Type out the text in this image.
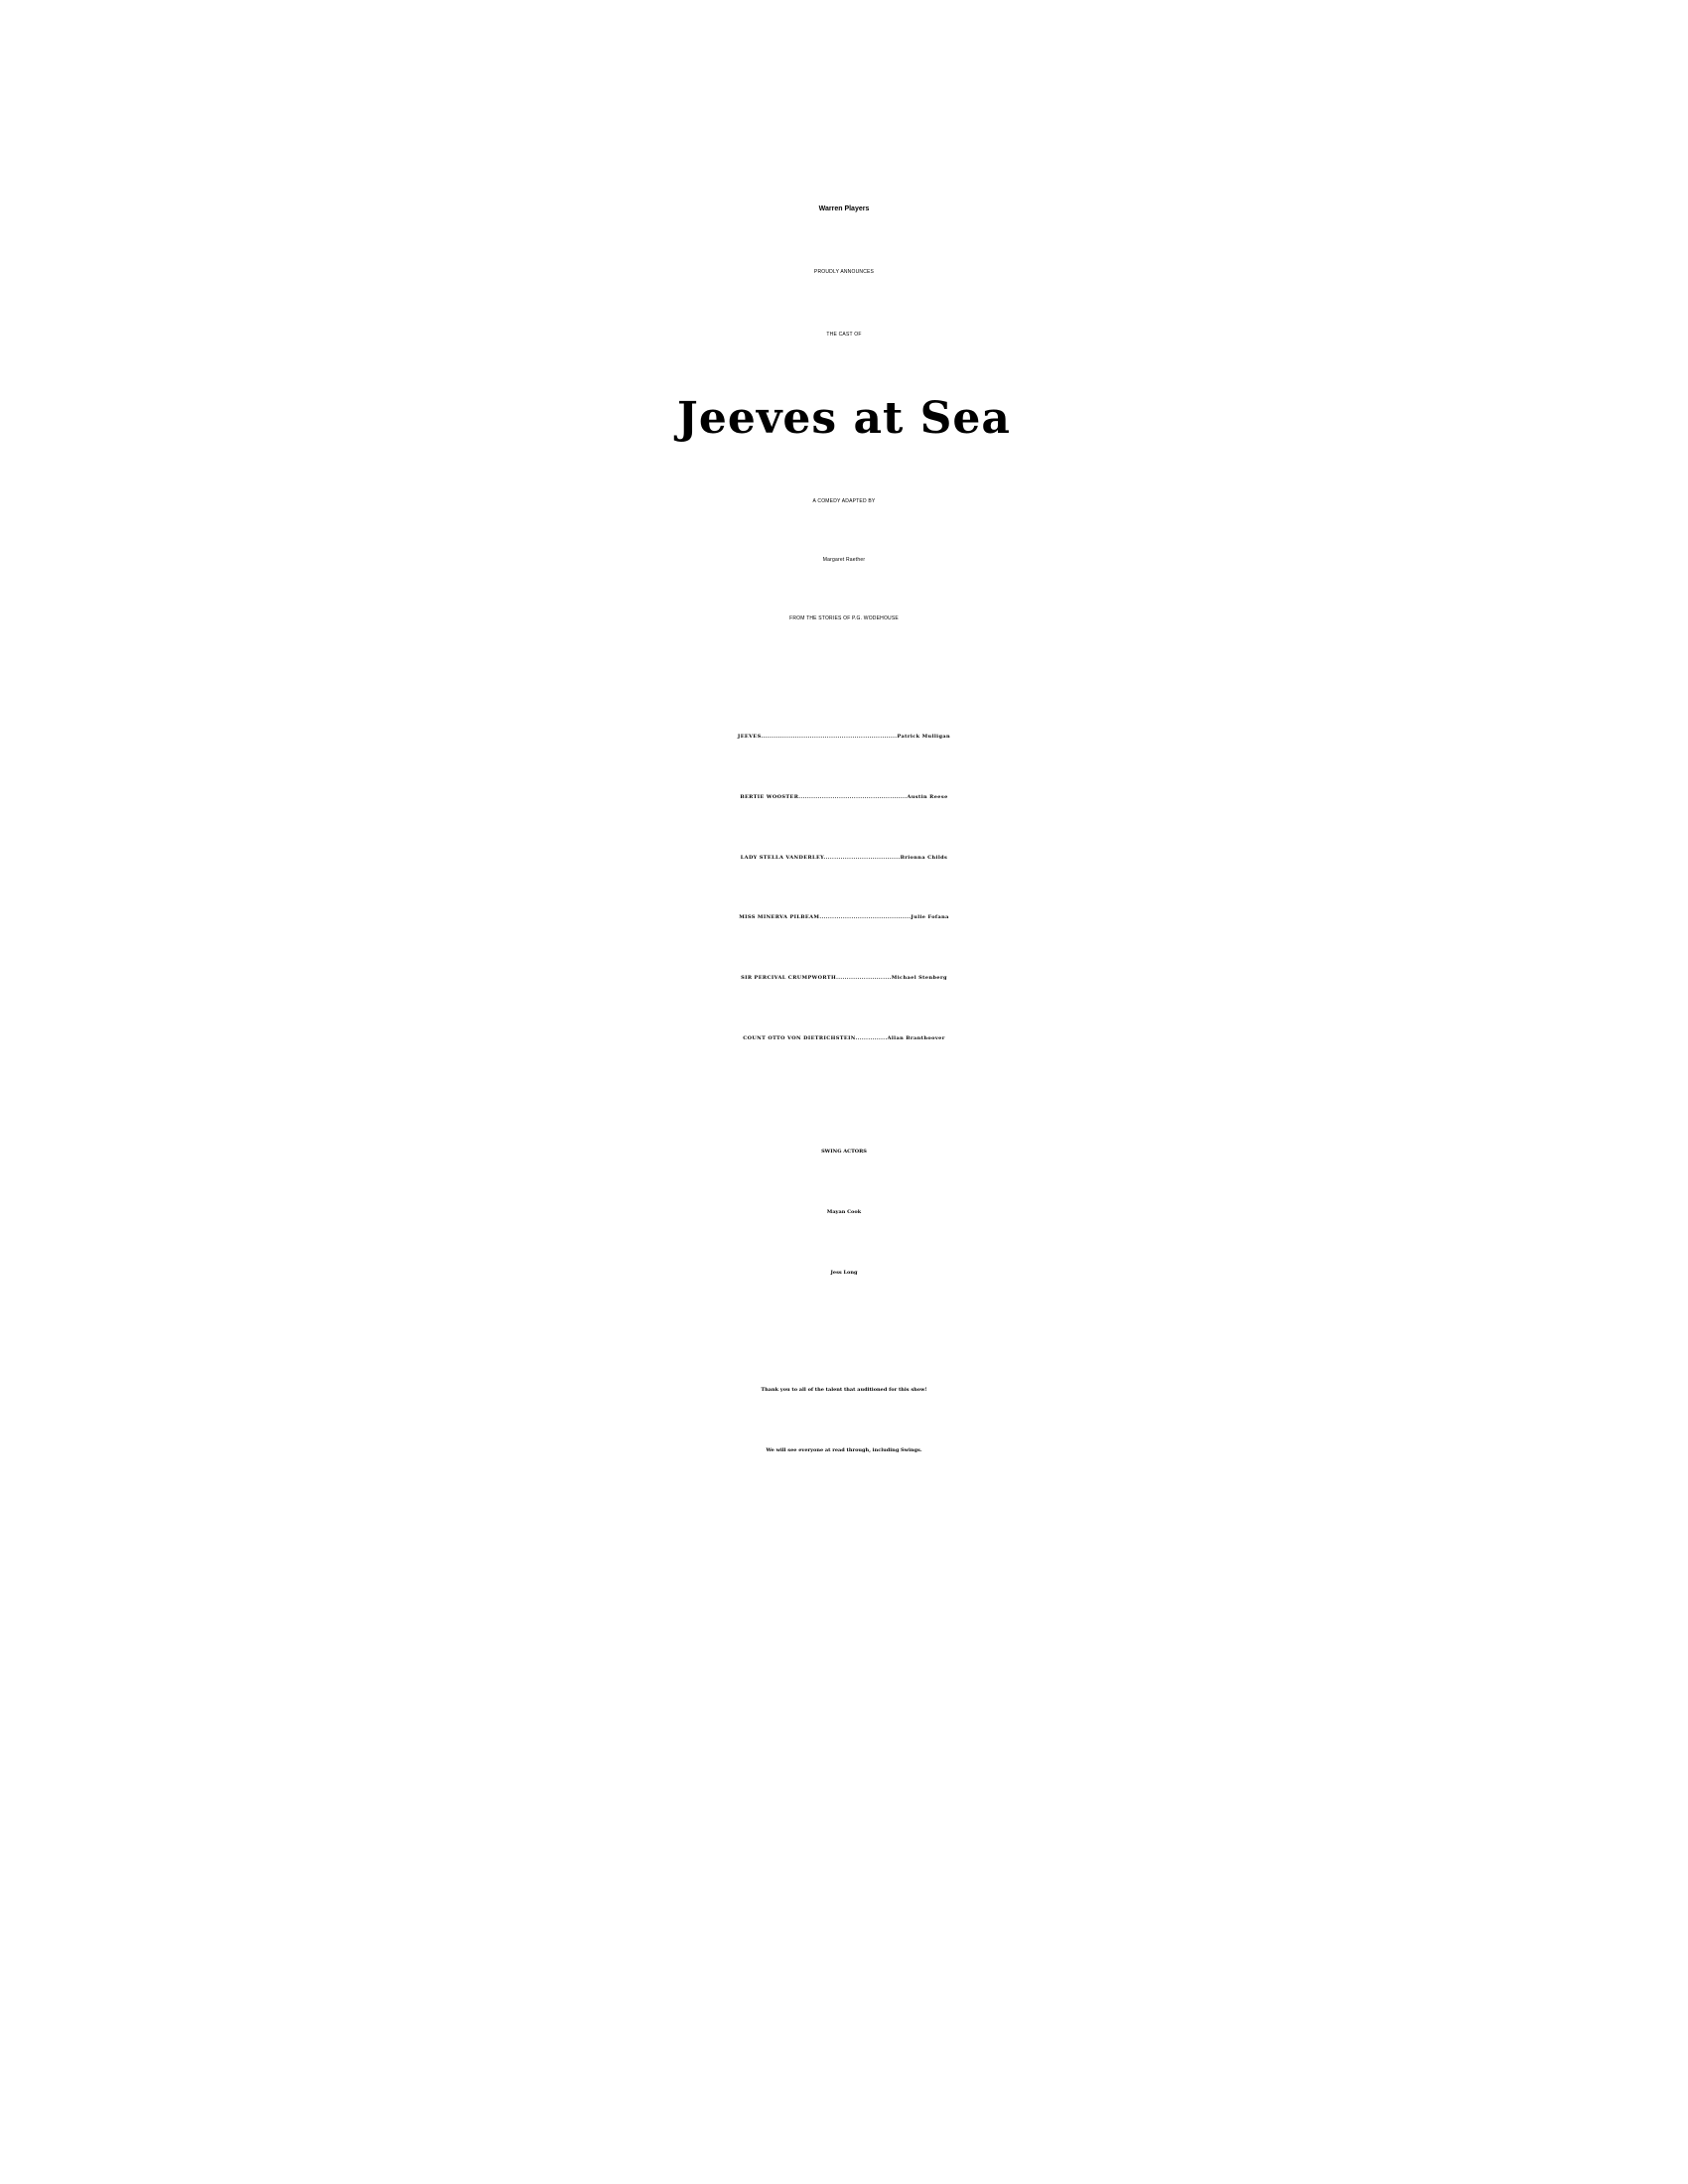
Warren Players
PROUDLY ANNOUNCES
THE CAST OF
Jeeves at Sea
A COMEDY ADAPTED BY
Margaret Raether
FROM THE STORIES OF P.G. WODEHOUSE
JEEVES................................................................Patrick Mulligan
BERTIE WOOSTER...................................................Austin Reese
LADY STELLA VANDERLEY....................................Brionna Childs
MISS MINERVA PILBEAM...........................................Julie Fofana
SIR PERCIVAL CRUMPWORTH..........................Michael Stenberg
COUNT OTTO VON DIETRICHSTEIN...............Allan Branthoover
SWING ACTORS
Mayan Cook
Jess Long
Thank you to all of the talent that auditioned for this show!
We will see everyone at read through, including Swings.
